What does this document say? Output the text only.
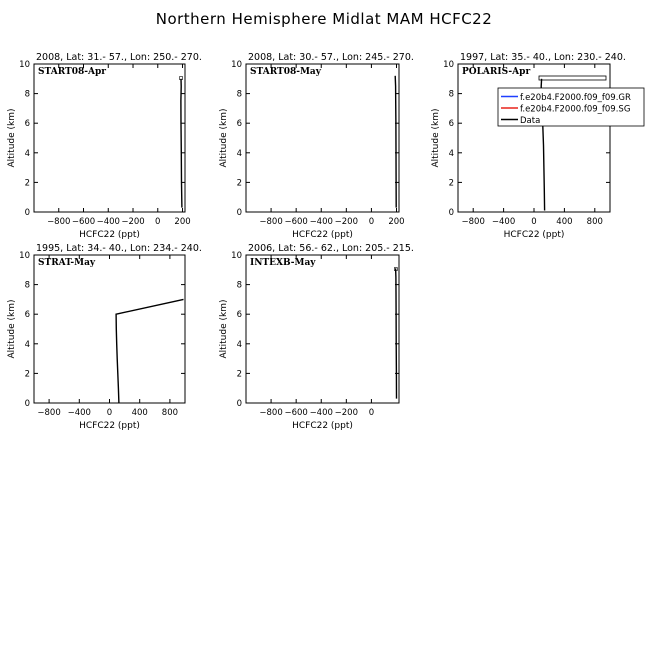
Northern Hemisphere Midlat MAM HCFC22
2008, Lat: 31.- 57., Lon: 250.- 270.
−800 −600 −400 −200 0 200
0
2
4
6
8
10
HCFC22 (ppt)
Altitude (km)
START08-Apr
2008, Lat: 30.- 57., Lon: 245.- 270.
−800 −600 −400 −200 0 200
0
2
4
6
8
10
HCFC22 (ppt)
Altitude (km)
START08-May
1997, Lat: 35.- 40., Lon: 230.- 240.
−800 −400 0 400 800
0
2
4
6
8
10
HCFC22 (ppt)
Altitude (km)
POLARIS-Apr
f.e20b4.F2000.f09_f09.GR
f.e20b4.F2000.f09_f09.SG
Data
1995, Lat: 34.- 40., Lon: 234.- 240.
−800 −400 0 400 800
0
2
4
6
8
10
HCFC22 (ppt)
Altitude (km)
STRAT-May
2006, Lat: 56.- 62., Lon: 205.- 215.
−800 −600 −400 −200 0
0
2
4
6
8
10
HCFC22 (ppt)
Altitude (km)
INTEXB-May
